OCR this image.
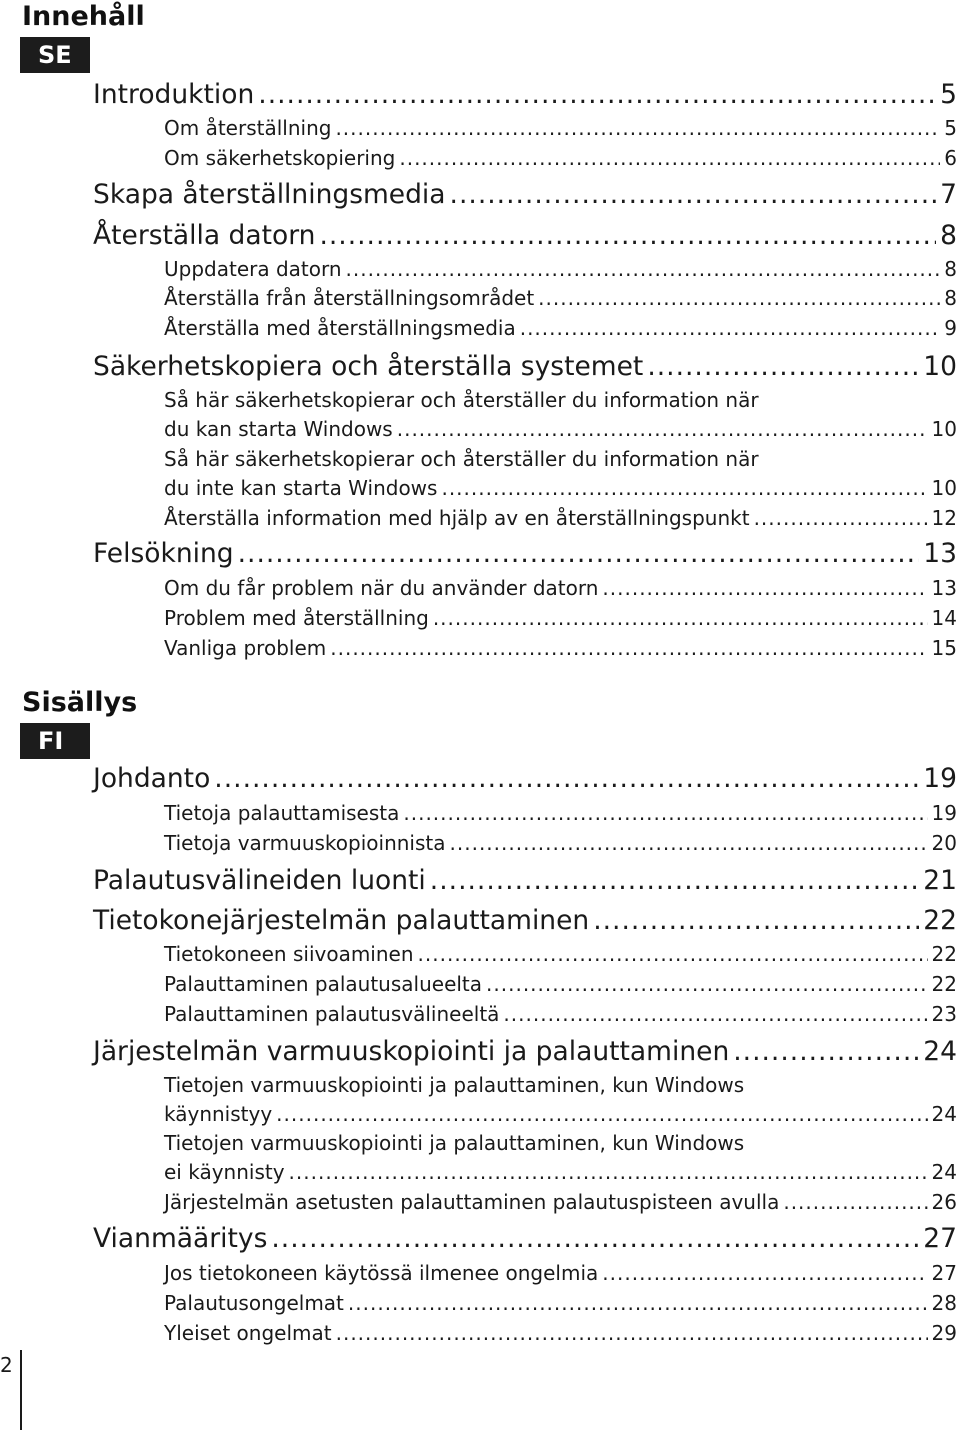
Innehåll
SE
Introduktion .....	5
Om återställning .....	5
Om säkerhetskopiering .....	6
Skapa återställningsmedia .....	7
Återställa datorn .....	8
Uppdatera datorn .....	8
Återställa från återställningsområdet .....	8
Återställa med återställningsmedia .....	9
Säkerhetskopiera och återställa systemet .....	10
Så här säkerhetskopierar och återställer du information när
du kan starta Windows .....	10
Så här säkerhetskopierar och återställer du information när
du inte kan starta Windows .....	10
Återställa information med hjälp av en återställningspunkt .....	12
Felsökning .....	13
Om du får problem när du använder datorn .....	13
Problem med återställning .....	14
Vanliga problem .....	15
Sisällys
FI
Johdanto .....	19
Tietoja palauttamisesta .....	19
Tietoja varmuuskopioinnista .....	20
Palautusvälineiden luonti .....	21
Tietokonejärjestelmän palauttaminen .....	22
Tietokoneen siivoaminen .....	22
Palauttaminen palautusalueelta .....	22
Palauttaminen palautusvälineeltä .....	23
Järjestelmän varmuuskopiointi ja palauttaminen .....	24
Tietojen varmuuskopiointi ja palauttaminen, kun Windows
käynnistyy .....	24
Tietojen varmuuskopiointi ja palauttaminen, kun Windows
ei käynnisty .....	24
Järjestelmän asetusten palauttaminen palautuspisteen avulla .....	26
Vianmääritys .....	27
Jos tietokoneen käytössä ilmenee ongelmia .....	27
Palautusongelmat .....	28
Yleiset ongelmat .....	29
2
